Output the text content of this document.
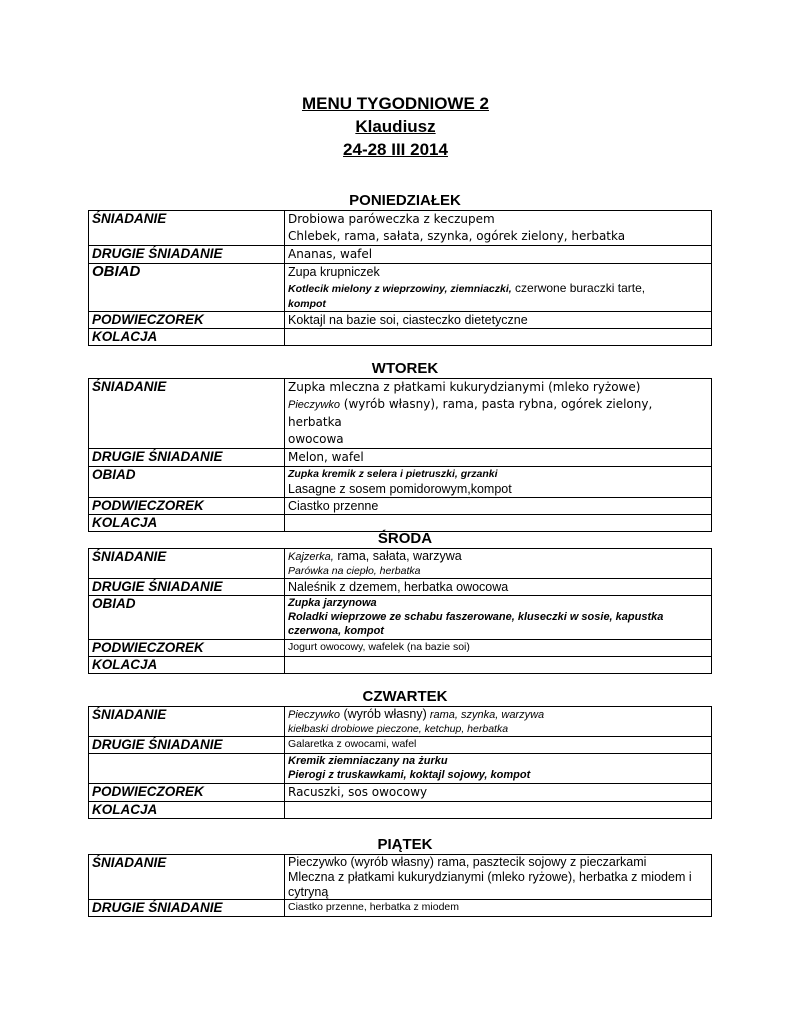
MENU TYGODNIOWE 2
Klaudiusz
24-28 III 2014
PONIEDZIAŁEK
ŚNIADANIE	Drobiowa paróweczka z keczupem
Chlebek, rama, sałata, szynka, ogórek zielony, herbatka

DRUGIE ŚNIADANIE	Ananas, wafel

OBIAD	Zupa krupniczek
Kotlecik mielony z wieprzowiny, ziemniaczki, czerwone buraczki tarte,
kompot

PODWIECZOREK	Koktajl na bazie soi, ciasteczko dietetyczne

KOLACJA	
WTOREK
ŚNIADANIE	Zupka mleczna z płatkami kukurydzianymi (mleko ryżowe)
Pieczywko (wyrób własny), rama, pasta rybna, ogórek zielony, herbatka
owocowa

DRUGIE ŚNIADANIE	Melon, wafel

OBIAD	Zupka kremik z selera i pietruszki, grzanki
Lasagne z sosem pomidorowym,kompot

PODWIECZOREK	Ciastko przenne

KOLACJA	
ŚRODA
ŚNIADANIE	Kajzerka, rama, sałata, warzywa
Parówka na ciepło, herbatka

DRUGIE ŚNIADANIE	Naleśnik z dzemem, herbatka owocowa

OBIAD	Zupka jarzynowa
Roladki wieprzowe ze schabu faszerowane, kluseczki w sosie, kapustka
czerwona, kompot

PODWIECZOREK	Jogurt owocowy, wafelek (na bazie soi)

KOLACJA	
CZWARTEK
ŚNIADANIE	Pieczywko (wyrób własny) rama, szynka, warzywa
kiełbaski drobiowe pieczone, ketchup, herbatka

DRUGIE ŚNIADANIE	Galaretka z owocami, wafel

	Kremik ziemniaczany na żurku
Pierogi z truskawkami, koktajl sojowy, kompot

PODWIECZOREK	Racuszki, sos owocowy

KOLACJA	
PIĄTEK
ŚNIADANIE	Pieczywko (wyrób własny) rama, pasztecik sojowy z pieczarkami
Mleczna z płatkami kukurydzianymi (mleko ryżowe), herbatka z miodem i
cytryną

DRUGIE ŚNIADANIE	Ciastko przenne, herbatka z miodem
